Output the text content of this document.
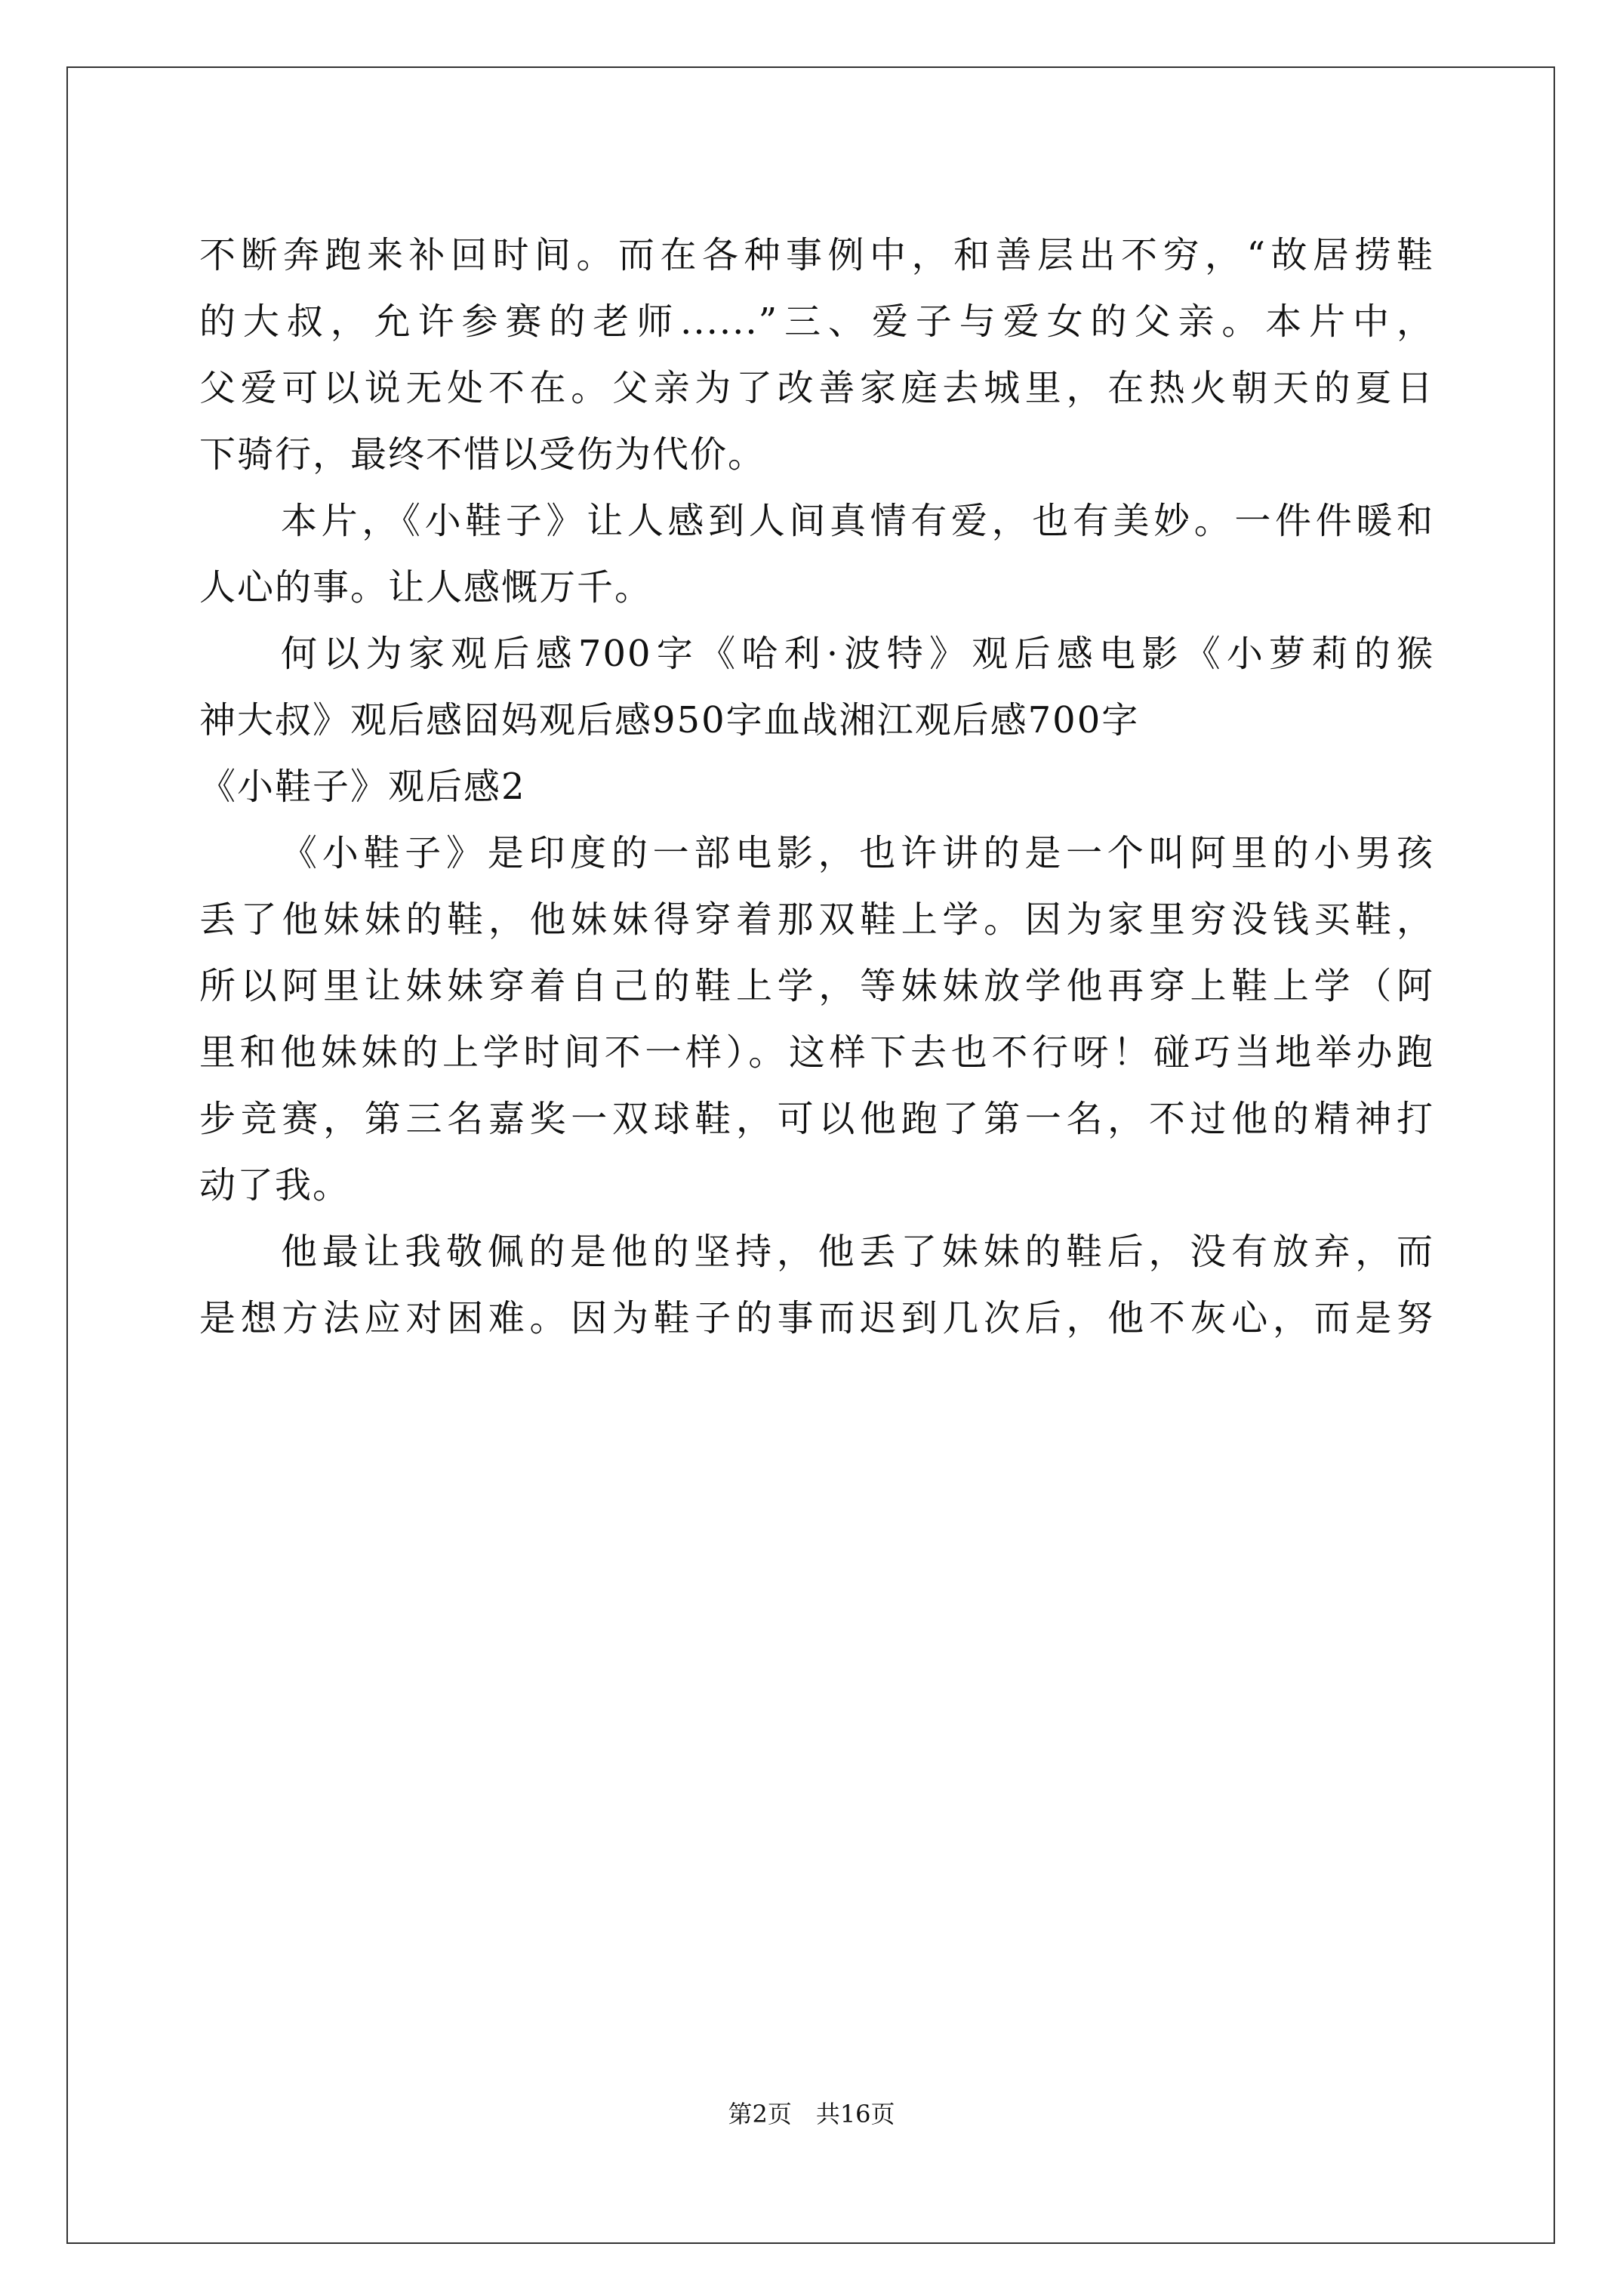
不断奔跑来补回时间。而在各种事例中，和善层出不穷，“故居捞鞋

的大叔，允许参赛的老师......”三、爱子与爱女的父亲。本片中，

父爱可以说无处不在。父亲为了改善家庭去城里，在热火朝天的夏日

下骑行，最终不惜以受伤为代价。

本片，《小鞋子》让人感到人间真情有爱，也有美妙。一件件暖和

人心的事。让人感慨万千。

何以为家观后感700字《哈利·波特》观后感电影《小萝莉的猴

神大叔》观后感囧妈观后感950字血战湘江观后感700字

《小鞋子》观后感2

《小鞋子》是印度的一部电影，也许讲的是一个叫阿里的小男孩

丢了他妹妹的鞋，他妹妹得穿着那双鞋上学。因为家里穷没钱买鞋，

所以阿里让妹妹穿着自己的鞋上学，等妹妹放学他再穿上鞋上学（阿

里和他妹妹的上学时间不一样）。这样下去也不行呀！碰巧当地举办跑

步竞赛，第三名嘉奖一双球鞋，可以他跑了第一名，不过他的精神打

动了我。

他最让我敬佩的是他的坚持，他丢了妹妹的鞋后，没有放弃，而

是想方法应对困难。因为鞋子的事而迟到几次后，他不灰心，而是努

第2页　共16页
